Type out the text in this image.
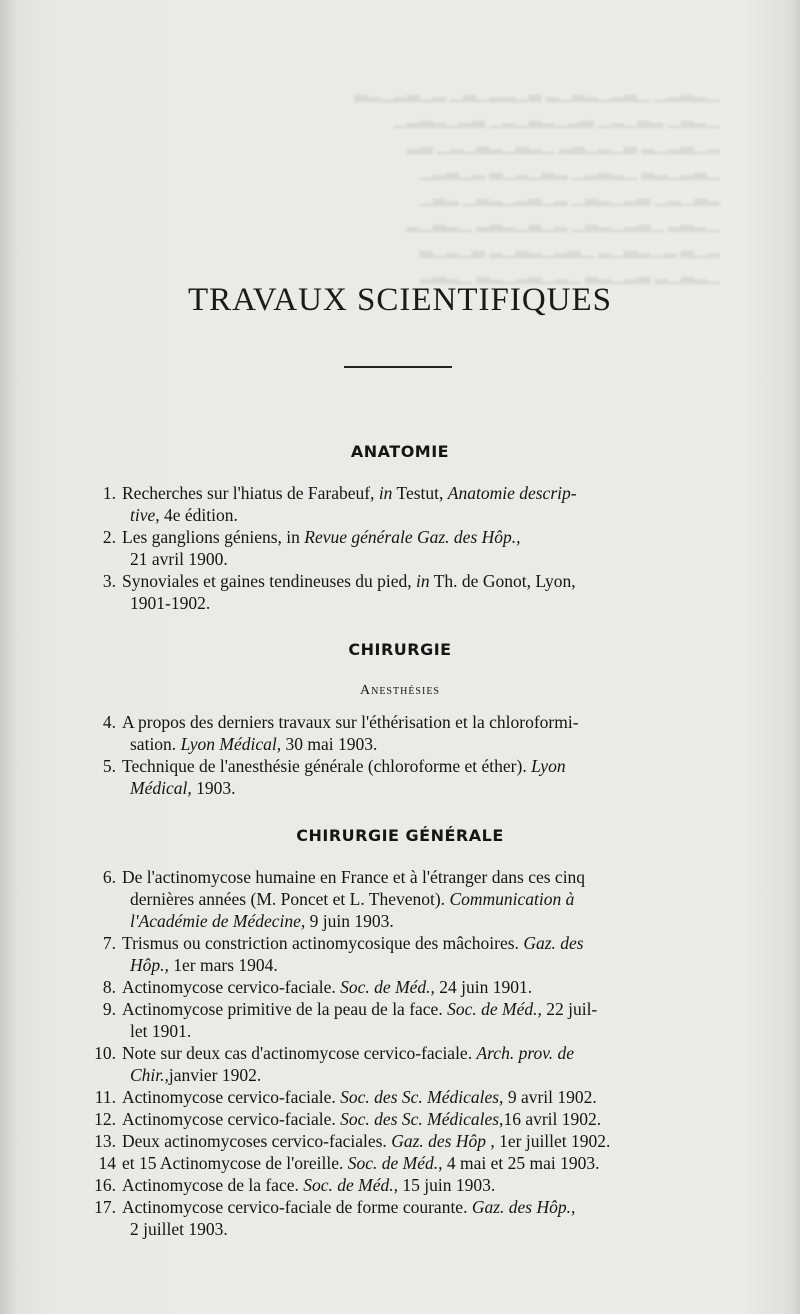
▁▂▃▂▁ ▁▃▂▁▂▃▁▂ ▃▁▂▂▁▃▁ ▂▁▃▂▁▂▃
▁▂▃▁ ▂▃▁▂▁ ▃▂▁▂▃▁▂▁ ▃▂▁▂▃▂▁
▂▁▃▂▁▂ ▃▁▂▁▃▂ ▁▂▃▁▂▃▁▂▁ ▃▂
▁▃▂▁▂▃ ▁▂▃▂▁ ▂▃▁▂▁▃ ▂▁▃▂▁
▂▃▁▂▁ ▃▂▁▂▃▁ ▂▁▃▂▁▂▃▁ ▂▃▁
▁▂▃▂ ▁▃▂▁▂▃▁ ▂▁▃▁▂▃▂ ▁▂▃▁▂
▂▁▃ ▂▁▂▃▁▂ ▁▃▂▁▂▃▁▂ ▃▁▂▁▃
▁▂▃▁▂ ▃▂▁▂▃ ▁▂▁▃▂▁▂▃ ▁▂▃▂
TRAVAUX SCIENTIFIQUES
ANATOMIE
1. Recherches sur l'hiatus de Farabeuf, in Testut, Anatomie descrip-
tive, 4e édition.
2. Les ganglions géniens, in Revue générale Gaz. des Hôp.,
21 avril 1900.
3. Synoviales et gaines tendineuses du pied, in Th. de Gonot, Lyon,
1901-1902.
CHIRURGIE
Anesthésies
4. A propos des derniers travaux sur l'éthérisation et la chloroformi-
sation. Lyon Médical, 30 mai 1903.
5. Technique de l'anesthésie générale (chloroforme et éther). Lyon
Médical, 1903.
CHIRURGIE GÉNÉRALE
6. De l'actinomycose humaine en France et à l'étranger dans ces cinq
dernières années (M. Poncet et L. Thevenot). Communication à
l'Académie de Médecine, 9 juin 1903.
7. Trismus ou constriction actinomycosique des mâchoires. Gaz. des
Hôp., 1er mars 1904.
8. Actinomycose cervico-faciale. Soc. de Méd., 24 juin 1901.
9. Actinomycose primitive de la peau de la face. Soc. de Méd., 22 juil-
let 1901.
10. Note sur deux cas d'actinomycose cervico-faciale. Arch. prov. de
Chir.,janvier 1902.
11. Actinomycose cervico-faciale. Soc. des Sc. Médicales, 9 avril 1902.
12. Actinomycose cervico-faciale. Soc. des Sc. Médicales,16 avril 1902.
13. Deux actinomycoses cervico-faciales. Gaz. des Hôp , 1er juillet 1902.
14 et 15 Actinomycose de l'oreille. Soc. de Méd., 4 mai et 25 mai 1903.
16. Actinomycose de la face. Soc. de Méd., 15 juin 1903.
17. Actinomycose cervico-faciale de forme courante. Gaz. des Hôp.,
2 juillet 1903.
